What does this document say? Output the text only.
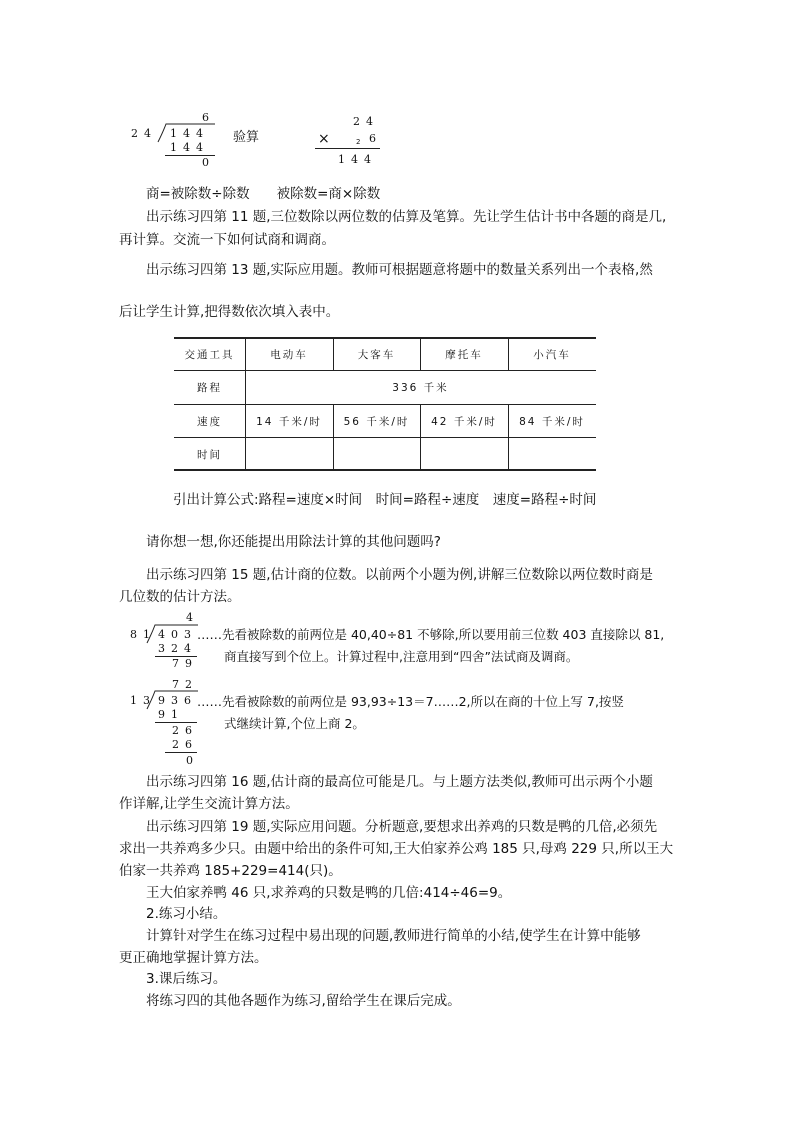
6
24 144
144
0
验算
24
×	2 6
144
商=被除数÷除数　　被除数=商×除数
出示练习四第 11 题,三位数除以两位数的估算及笔算。先让学生估计书中各题的商是几,
再计算。交流一下如何试商和调商。
出示练习四第 13 题,实际应用题。教师可根据题意将题中的数量关系列出一个表格,然
后让学生计算,把得数依次填入表中。
交通工具	电动车	大客车	摩托车	小汽车
路程	336 千米
速度	14 千米/时	56 千米/时	42 千米/时	84 千米/时
时间
引出计算公式:路程=速度×时间　时间=路程÷速度　速度=路程÷时间
请你想一想,你还能提出用除法计算的其他问题吗?
出示练习四第 15 题,估计商的位数。以前两个小题为例,讲解三位数除以两位数时商是
几位数的估计方法。
4
81 403
324
79
……先看被除数的前两位是 40,40÷81 不够除,所以要用前三位数 403 直接除以 81,
商直接写到个位上。计算过程中,注意用到“四舍”法试商及调商。
72
13 936
91
26
26
0
……先看被除数的前两位是 93,93÷13＝7……2,所以在商的十位上写 7,按竖
式继续计算,个位上商 2。
出示练习四第 16 题,估计商的最高位可能是几。与上题方法类似,教师可出示两个小题
作详解,让学生交流计算方法。
出示练习四第 19 题,实际应用问题。分析题意,要想求出养鸡的只数是鸭的几倍,必须先
求出一共养鸡多少只。由题中给出的条件可知,王大伯家养公鸡 185 只,母鸡 229 只,所以王大
伯家一共养鸡 185+229=414(只)。
王大伯家养鸭 46 只,求养鸡的只数是鸭的几倍:414÷46=9。
2.练习小结。
计算针对学生在练习过程中易出现的问题,教师进行简单的小结,使学生在计算中能够
更正确地掌握计算方法。
3.课后练习。
将练习四的其他各题作为练习,留给学生在课后完成。
